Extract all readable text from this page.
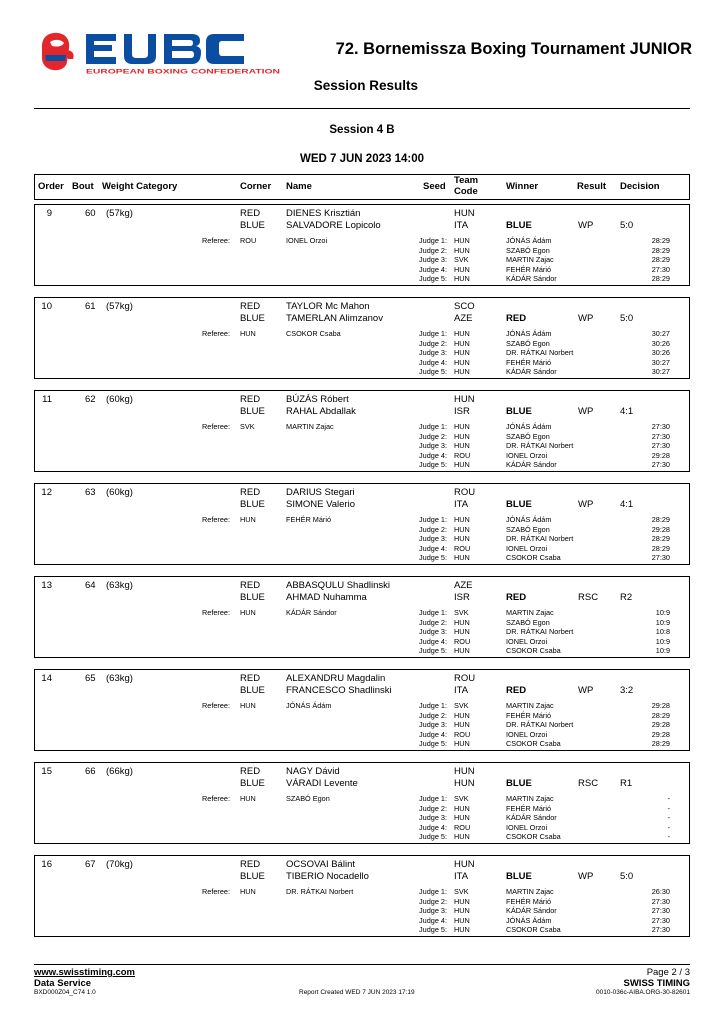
EUROPEAN BOXING CONFEDERATION
72. Bornemissza Boxing Tournament JUNIOR
Session Results
Session 4 B
WED 7 JUN 2023 14:00
Order Bout Weight Category	Corner Name	Seed
Team
Code	Winner	Result Decision
9	60 (57kg)	RED	DIENES Krisztián	HUN
BLUE SALVADORE Lopicolo	ITA	BLUE	WP	5:0
Referee: ROU	IONEL Orzoi	Judge 1: HUN	JÓNÁS Ádám	28:29
Judge 2: HUN	SZABÓ Egon	28:29
Judge 3: SVK	MARTIN Zajac	28:29
Judge 4: HUN	FEHÉR Márió	27:30
Judge 5: HUN	KÁDÁR Sándor	28:29
10	61 (57kg)	RED	TAYLOR Mc Mahon	SCO
BLUE TAMERLAN Alimzanov	AZE	RED	WP	5:0
Referee: HUN	CSOKOR Csaba	Judge 1: HUN	JÓNÁS Ádám	30:27
Judge 2: HUN	SZABÓ Egon	30:26
Judge 3: HUN	DR. RÁTKAI Norbert	30:26
Judge 4: HUN	FEHÉR Márió	30:27
Judge 5: HUN	KÁDÁR Sándor	30:27
11	62 (60kg)	RED	BÚZÁS Róbert	HUN
BLUE RAHAL Abdallak	ISR	BLUE	WP	4:1
Referee: SVK	MARTIN Zajac	Judge 1: HUN	JÓNÁS Ádám	27:30
Judge 2: HUN	SZABÓ Egon	27:30
Judge 3: HUN	DR. RÁTKAI Norbert	27:30
Judge 4: ROU	IONEL Orzoi	29:28
Judge 5: HUN	KÁDÁR Sándor	27:30
12	63 (60kg)	RED	DARIUS Stegari	ROU
BLUE SIMONE Valerio	ITA	BLUE	WP	4:1
Referee: HUN	FEHÉR Márió	Judge 1: HUN	JÓNÁS Ádám	28:29
Judge 2: HUN	SZABÓ Egon	29:28
Judge 3: HUN	DR. RÁTKAI Norbert	28:29
Judge 4: ROU	IONEL Orzoi	28:29
Judge 5: HUN	CSOKOR Csaba	27:30
13	64 (63kg)	RED	ABBASQULU Shadlinski	AZE
BLUE AHMAD Nuhamma	ISR	RED	RSC R2
Referee: HUN	KÁDÁR Sándor	Judge 1: SVK	MARTIN Zajac	10:9
Judge 2: HUN	SZABÓ Egon	10:9
Judge 3: HUN	DR. RÁTKAI Norbert	10:8
Judge 4: ROU	IONEL Orzoi	10:9
Judge 5: HUN	CSOKOR Csaba	10:9
14	65 (63kg)	RED	ALEXANDRU Magdalin	ROU
BLUE FRANCESCO Shadlinski	ITA	RED	WP	3:2
Referee: HUN	JÓNÁS Ádám	Judge 1: SVK	MARTIN Zajac	29:28
Judge 2: HUN	FEHÉR Márió	28:29
Judge 3: HUN	DR. RÁTKAI Norbert	29:28
Judge 4: ROU	IONEL Orzoi	29:28
Judge 5: HUN	CSOKOR Csaba	28:29
15	66 (66kg)	RED	NAGY Dávid	HUN
BLUE VÁRADI Levente	HUN	BLUE	RSC R1
Referee: HUN	SZABÓ Egon	Judge 1: SVK	MARTIN Zajac	-
Judge 2: HUN	FEHÉR Márió	-
Judge 3: HUN	KÁDÁR Sándor	-
Judge 4: ROU	IONEL Orzoi	-
Judge 5: HUN	CSOKOR Csaba	-
16	67 (70kg)	RED	OCSOVAI Bálint	HUN
BLUE TIBERIO Nocadello	ITA	BLUE	WP	5:0
Referee: HUN	DR. RÁTKAI Norbert	Judge 1: SVK	MARTIN Zajac	26:30
Judge 2: HUN	FEHÉR Márió	27:30
Judge 3: HUN	KÁDÁR Sándor	27:30
Judge 4: HUN	JÓNÁS Ádám	27:30
Judge 5: HUN	CSOKOR Csaba	27:30
www.swisstiming.com
Data Service
BXD000Z04_C74 1.0	Report Created WED 7 JUN 2023 17:19
Page 2 / 3
SWISS TIMING
0010-036c-AIBA.ORG-30-82601
